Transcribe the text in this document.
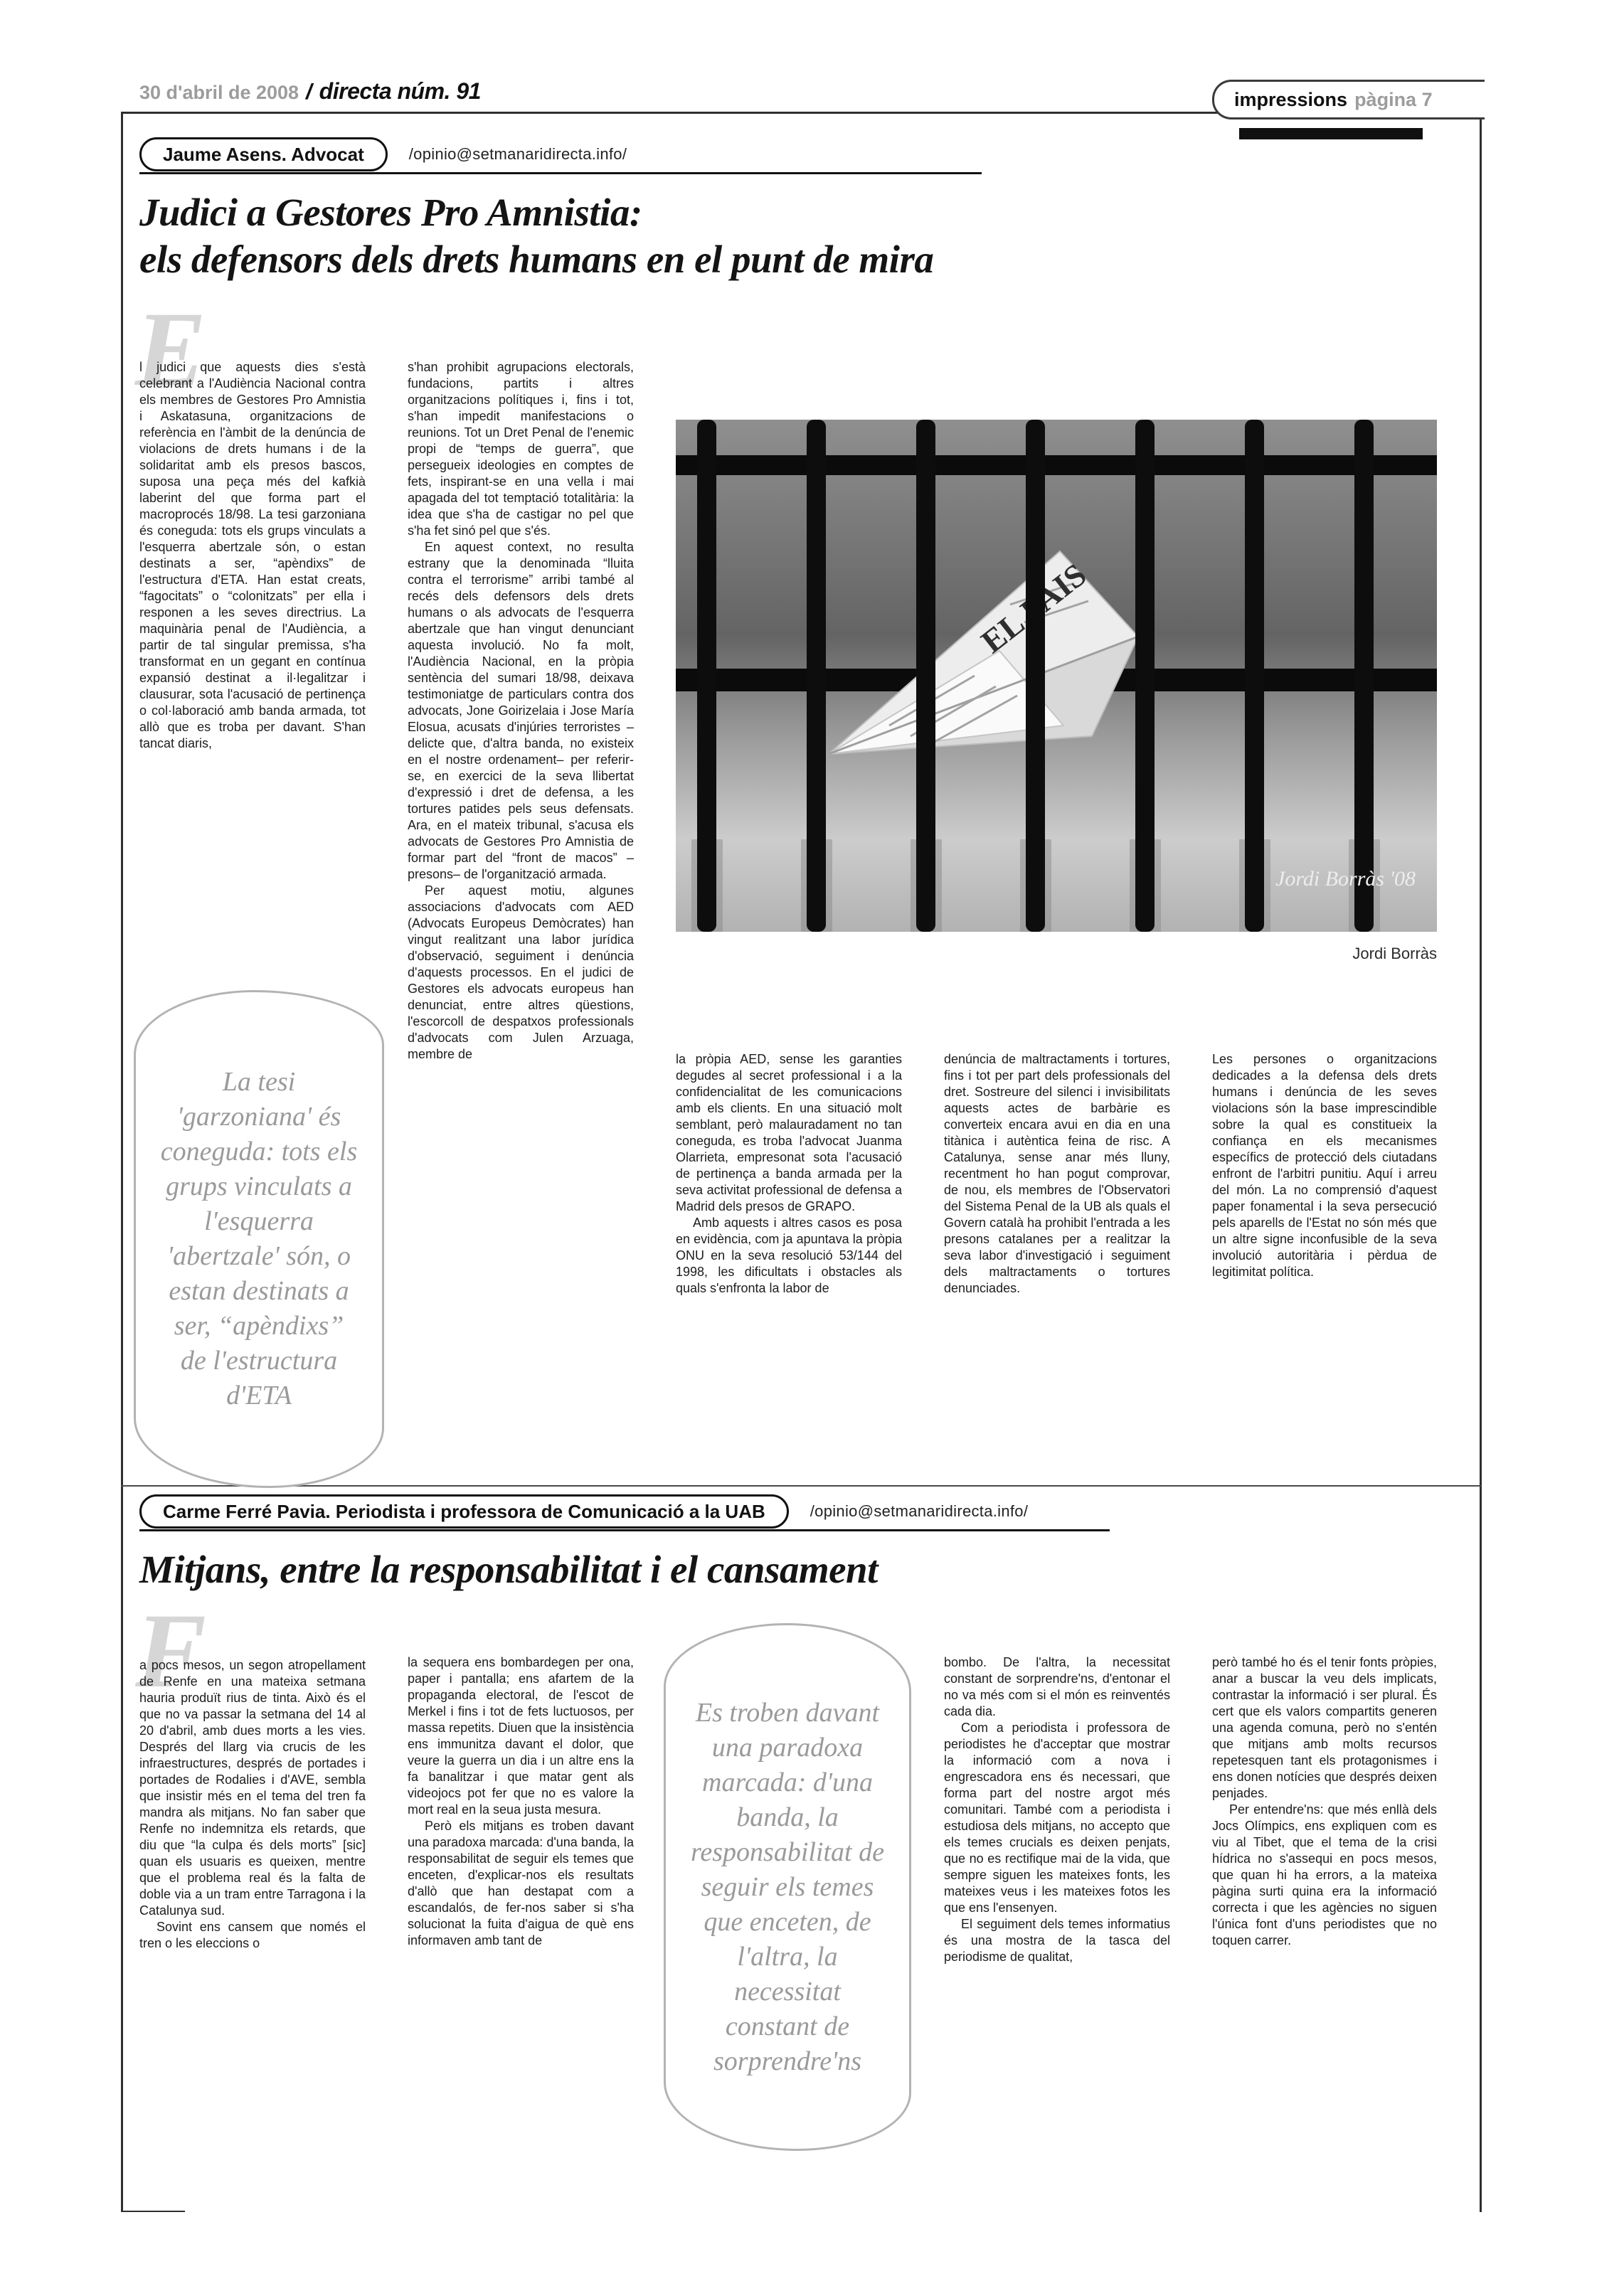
30 d'abril de 2008 / directa núm. 91	impressions pàgina 7
Jaume Asens. Advocat	/opinio@setmanaridirecta.info/

Judici a Gestores Pro Amnistia:

els defensors dels drets humans en el punt de mira

E

l judici que aquests dies s'està celebrant a l'Audiència Nacional contra els membres de Gestores Pro Amnistia i Askatasuna, organitzacions de referència en l'àmbit de la denúncia de violacions de drets humans i de la solidaritat amb els presos bascos, suposa una peça més del kafkià laberint del que forma part el macroprocés 18/98. La tesi garzoniana és coneguda: tots els grups vinculats a l'esquerra abertzale són, o estan destinats a ser, “apèndixs” de l'estructura d'ETA. Han estat creats, “fagocitats” o “colonitzats” per ella i responen a les seves directrius. La maquinària penal de l'Audiència, a partir de tal singular premissa, s'ha transformat en un gegant en contínua expansió destinat a il·legalitzar i clausurar, sota l'acusació de pertinença o col·laboració amb banda armada, tot allò que es troba per davant. S'han tancat diaris,

s'han prohibit agrupacions electorals, fundacions, partits i altres organitzacions polítiques i, fins i tot, s'han impedit manifestacions o reunions. Tot un Dret Penal de l'enemic propi de “temps de guerra”, que persegueix ideologies en comptes de fets, inspirant-se en una vella i mai apagada del tot temptació totalitària: la idea que s'ha de castigar no pel que s'ha fet sinó pel que s'és.

En aquest context, no resulta estrany que la denominada “lluita contra el terrorisme” arribi també al recés dels defensors dels drets humans o als advocats de l'esquerra abertzale que han vingut denunciant aquesta involució. No fa molt, l'Audiència Nacional, en la pròpia sentència del sumari 18/98, deixava testimoniatge de particulars contra dos advocats, Jone Goirizelaia i Jose María Elosua, acusats d'injúries terroristes –delicte que, d'altra banda, no existeix en el nostre ordenament– per referir-se, en exercici de la seva llibertat d'expressió i dret de defensa, a les tortures patides pels seus defensats. Ara, en el mateix tribunal, s'acusa els advocats de Gestores Pro Amnistia de formar part del “front de macos” –presons– de l'organització armada.

Per aquest motiu, algunes associacions d'advocats com AED (Advocats Europeus Demòcrates) han vingut realitzant una labor jurídica d'observació, seguiment i denúncia d'aquests processos. En el judici de Gestores els advocats europeus han denunciat, entre altres qüestions, l'escorcoll de despatxos professionals d'advocats com Julen Arzuaga, membre de	la pròpia AED, sense les garanties degudes al secret professional i a la confidencialitat de les comunicacions amb els clients. En una situació molt semblant, però malauradament no tan coneguda, es troba l'advocat Juanma Olarrieta, empresonat sota l'acusació de pertinença a banda armada per la seva activitat professional de defensa a Madrid dels presos de GRAPO.

Amb aquests i altres casos es posa en evidència, com ja apuntava la pròpia ONU en la seva resolució 53/144 del 1998, les dificultats i obstacles als quals s'enfronta la labor de

denúncia de maltractaments i tortures, fins i tot per part dels professionals del dret. Sostreure del silenci i invisibilitats aquests actes de barbàrie es converteix encara avui en dia en una titànica i autèntica feina de risc. A Catalunya, sense anar més lluny, recentment ho han pogut comprovar, de nou, els membres de l'Observatori del Sistema Penal de la UB als quals el Govern català ha prohibit l'entrada a les presons catalanes per a realitzar la seva labor d'investigació i seguiment dels maltractaments o tortures denunciades.

Les persones o organitzacions dedicades a la defensa dels drets humans i denúncia de les seves violacions són la base imprescindible sobre la qual es constitueix la confiança en els mecanismes específics de protecció dels ciutadans enfront de l'arbitri punitiu. Aquí i arreu del món. La no comprensió d'aquest paper fonamental i la seva persecució pels aparells de l'Estat no són més que un altre signe inconfusible de la seva involució autoritària i pèrdua de legitimitat política.

EL PAIS
Jordi Borràs '08
Jordi Borràs
La tesi 'garzoniana' és coneguda: tots els grups vinculats a l'esquerra 'abertzale' són, o estan destinats a ser, “apèndixs” de l'estructura d'ETA
Carme Ferré Pavia. Periodista i professora de Comunicació a la UAB	/opinio@setmanaridirecta.info/

Mitjans, entre la responsabilitat i el cansament

F

a pocs mesos, un segon atropellament de Renfe en una mateixa setmana hauria produït rius de tinta. Això és el que no va passar la setmana del 14 al 20 d'abril, amb dues morts a les vies. Després del llarg via crucis de les infraestructures, després de portades i portades de Rodalies i d'AVE, sembla que insistir més en el tema del tren fa mandra als mitjans. No fan saber que Renfe no indemnitza els retards, que diu que “la culpa és dels morts” [sic] quan els usuaris es queixen, mentre que el problema real és la falta de doble via a un tram entre Tarragona i la Catalunya sud.

Sovint ens cansem que només el tren o les eleccions o

la sequera ens bombardegen per ona, paper i pantalla; ens afartem de la propaganda electoral, de l'escot de Merkel i fins i tot de fets luctuosos, per massa repetits. Diuen que la insistència ens immunitza davant el dolor, que veure la guerra un dia i un altre ens la fa banalitzar i que matar gent als videojocs pot fer que no es valore la mort real en la seua justa mesura.

Però els mitjans es troben davant una paradoxa marcada: d'una banda, la responsabilitat de seguir els temes que enceten, d'explicar-nos els resultats d'allò que han destapat com a escandalós, de fer-nos saber si s'ha solucionat la fuita d'aigua de què ens informaven amb tant de

Es troben davant una paradoxa marcada: d'una banda, la responsabilitat de seguir els temes que enceten, de l'altra, la necessitat constant de sorprendre'ns

bombo. De l'altra, la necessitat constant de sorprendre'ns, d'entonar el no va més com si el món es reinventés cada dia.

Com a periodista i professora de periodistes he d'acceptar que mostrar la informació com a nova i engrescadora ens és necessari, que forma part del nostre argot més comunitari. També com a periodista i estudiosa dels mitjans, no accepto que els temes crucials es deixen penjats, que no es rectifique mai de la vida, que sempre siguen les mateixes fonts, les mateixes veus i les mateixes fotos les que ens l'ensenyen.

El seguiment dels temes informatius és una mostra de la tasca del periodisme de qualitat,

però també ho és el tenir fonts pròpies, anar a buscar la veu dels implicats, contrastar la informació i ser plural. És cert que els valors compartits generen una agenda comuna, però no s'entén que mitjans amb molts recursos repetesquen tant els protagonismes i ens donen notícies que després deixen penjades.

Per entendre'ns: que més enllà dels Jocs Olímpics, ens expliquen com es viu al Tibet, que el tema de la crisi hídrica no s'assequi en pocs mesos, que quan hi ha errors, a la mateixa pàgina surti quina era la informació correcta i que les agències no siguen l'única font d'uns periodistes que no toquen carrer.
